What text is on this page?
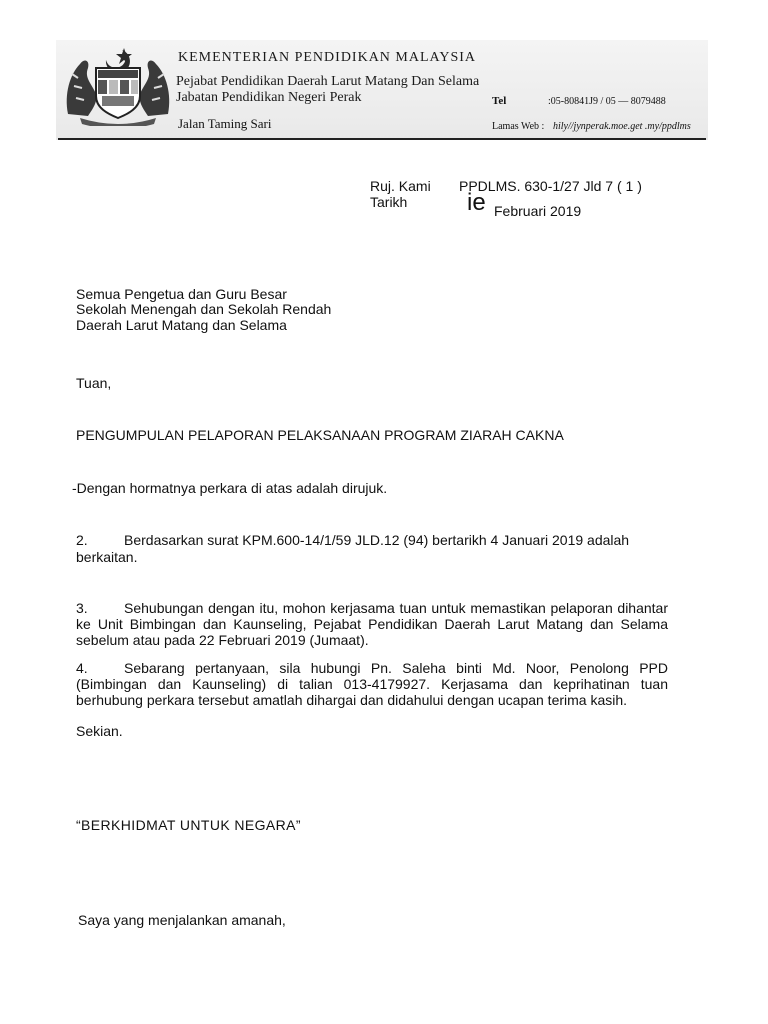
KEMENTERIAN PENDIDIKAN MALAYSIA
Pejabat Pendidikan Daerah Larut Matang Dan Selama
Jabatan Pendidikan Negeri Perak
Jalan Taming Sari
Tel	:05-80841J9 / 05 — 8079488
Lamas Web : hily//jynperak.moe.get .my/ppdlms
Ruj. Kami PPDLMS. 630-1/27 Jld 7 ( 1 )
Tarikh ie Februari 2019
Semua Pengetua dan Guru Besar
Sekolah Menengah dan Sekolah Rendah
Daerah Larut Matang dan Selama
Tuan,
PENGUMPULAN PELAPORAN PELAKSANAAN PROGRAM ZIARAH CAKNA
-Dengan hormatnya perkara di atas adalah dirujuk.
2.	Berdasarkan surat KPM.600-14/1/59 JLD.12 (94) bertarikh 4 Januari 2019 adalah
berkaitan.
3.	Sehubungan dengan itu, mohon kerjasama tuan untuk memastikan pelaporan dihantar ke Unit Bimbingan dan Kaunseling, Pejabat Pendidikan Daerah Larut Matang dan Selama sebelum atau pada 22 Februari 2019 (Jumaat).
4.	Sebarang pertanyaan, sila hubungi Pn. Saleha binti Md. Noor, Penolong PPD (Bimbingan dan Kaunseling) di talian 013-4179927. Kerjasama dan keprihatinan tuan berhubung perkara tersebut amatlah dihargai dan didahului dengan ucapan terima kasih.
Sekian.
“BERKHIDMAT UNTUK NEGARA”
Saya yang menjalankan amanah,
